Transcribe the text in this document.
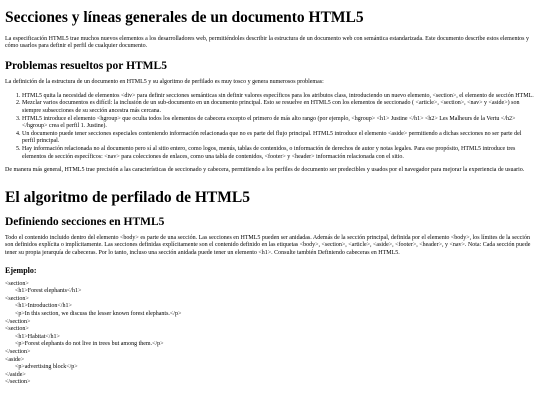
Secciones y líneas generales de un documento HTML5

La especificación HTML5 trae muchos nuevos elementos a los desarrolladores web, permitiéndoles describir la estructura de un documento web con semántica estandarizada. Este documento describe estos elementos y cómo usarlos para definir el perfil de cualquier documento.

Problemas resueltos por HTML5

La definición de la estructura de un documento en HTML5 y su algoritmo de perfilado es muy tosco y genera numerosos problemas:

1. HTML5 quita la necesidad de elementos <div> para definir secciones semánticas sin definir valores específicos para los atributos class, introduciendo un nuevo elemento, <section>, el elemento de sección HTML.
2. Mezclar varios documentos es difícil: la inclusión de un sub-documento en un documento principal. Esto se resuelve en HTML5 con los elementos de seccionado ( <article>, <section>, <nav> y <aside>) son siempre subsecciones de su sección ancestra más cercana.
3. HTML5 introduce el elemento <hgroup> que oculta todos los elementos de cabecera excepto el primero de más alto rango (por ejemplo, <hgroup> <h1> Justine </h1> <h2> Les Malheurs de la Vertu </h2> </hgroup> crea el perfil 1. Justine).
4. Un documento puede tener secciones especiales conteniendo información relacionada que no es parte del flujo principal. HTML5 introduce el elemento <aside> permitiendo a dichas secciones no ser parte del perfil principal.
5. Hay información relacionada no al documento pero sí al sitio entero, como logos, menús, tablas de contenidos, o información de derechos de autor y notas legales. Para ese propósito, HTML5 introduce tres elementos de sección específicos: <nav> para colecciones de enlaces, como una tabla de contenidos, <footer> y <header> información relacionada con el sitio.

De manera más general, HTML5 trae precisión a las características de seccionado y cabecera, permitiendo a los perfiles de documento ser predecibles y usados por el navegador para mejorar la experiencia de usuario.

El algoritmo de perfilado de HTML5
Definiendo secciones en HTML5

Todo el contenido incluido dentro del elemento <body> es parte de una sección. Las secciones en HTML5 pueden ser anidadas. Además de la sección principal, definida por el elemento <body>, los límites de la sección son definidos explícita o implícitamente. Las secciones definidas explícitamente son el contenido definido en las etiquetas <body>, <section>, <article>, <aside>, <footer>, <header>, y <nav>. Nota: Cada sección puede tener su propia jerarquía de cabeceras. Por lo tanto, incluso una sección anidada puede tener un elemento <h1>. Consulte también Definiendo cabeceras en HTML5.

Ejemplo:
<section>
<h1>Forest elephants</h1>
<section>
<h1>Introduction</h1>
<p>In this section, we discuss the lesser known forest elephants.</p>
</section>
<section>
<h1>Habitat</h1>
<p>Forest elephants do not live in trees but among them.</p>
</section>
<aside>
<p>advertising block</p>
</aside>
</section>
